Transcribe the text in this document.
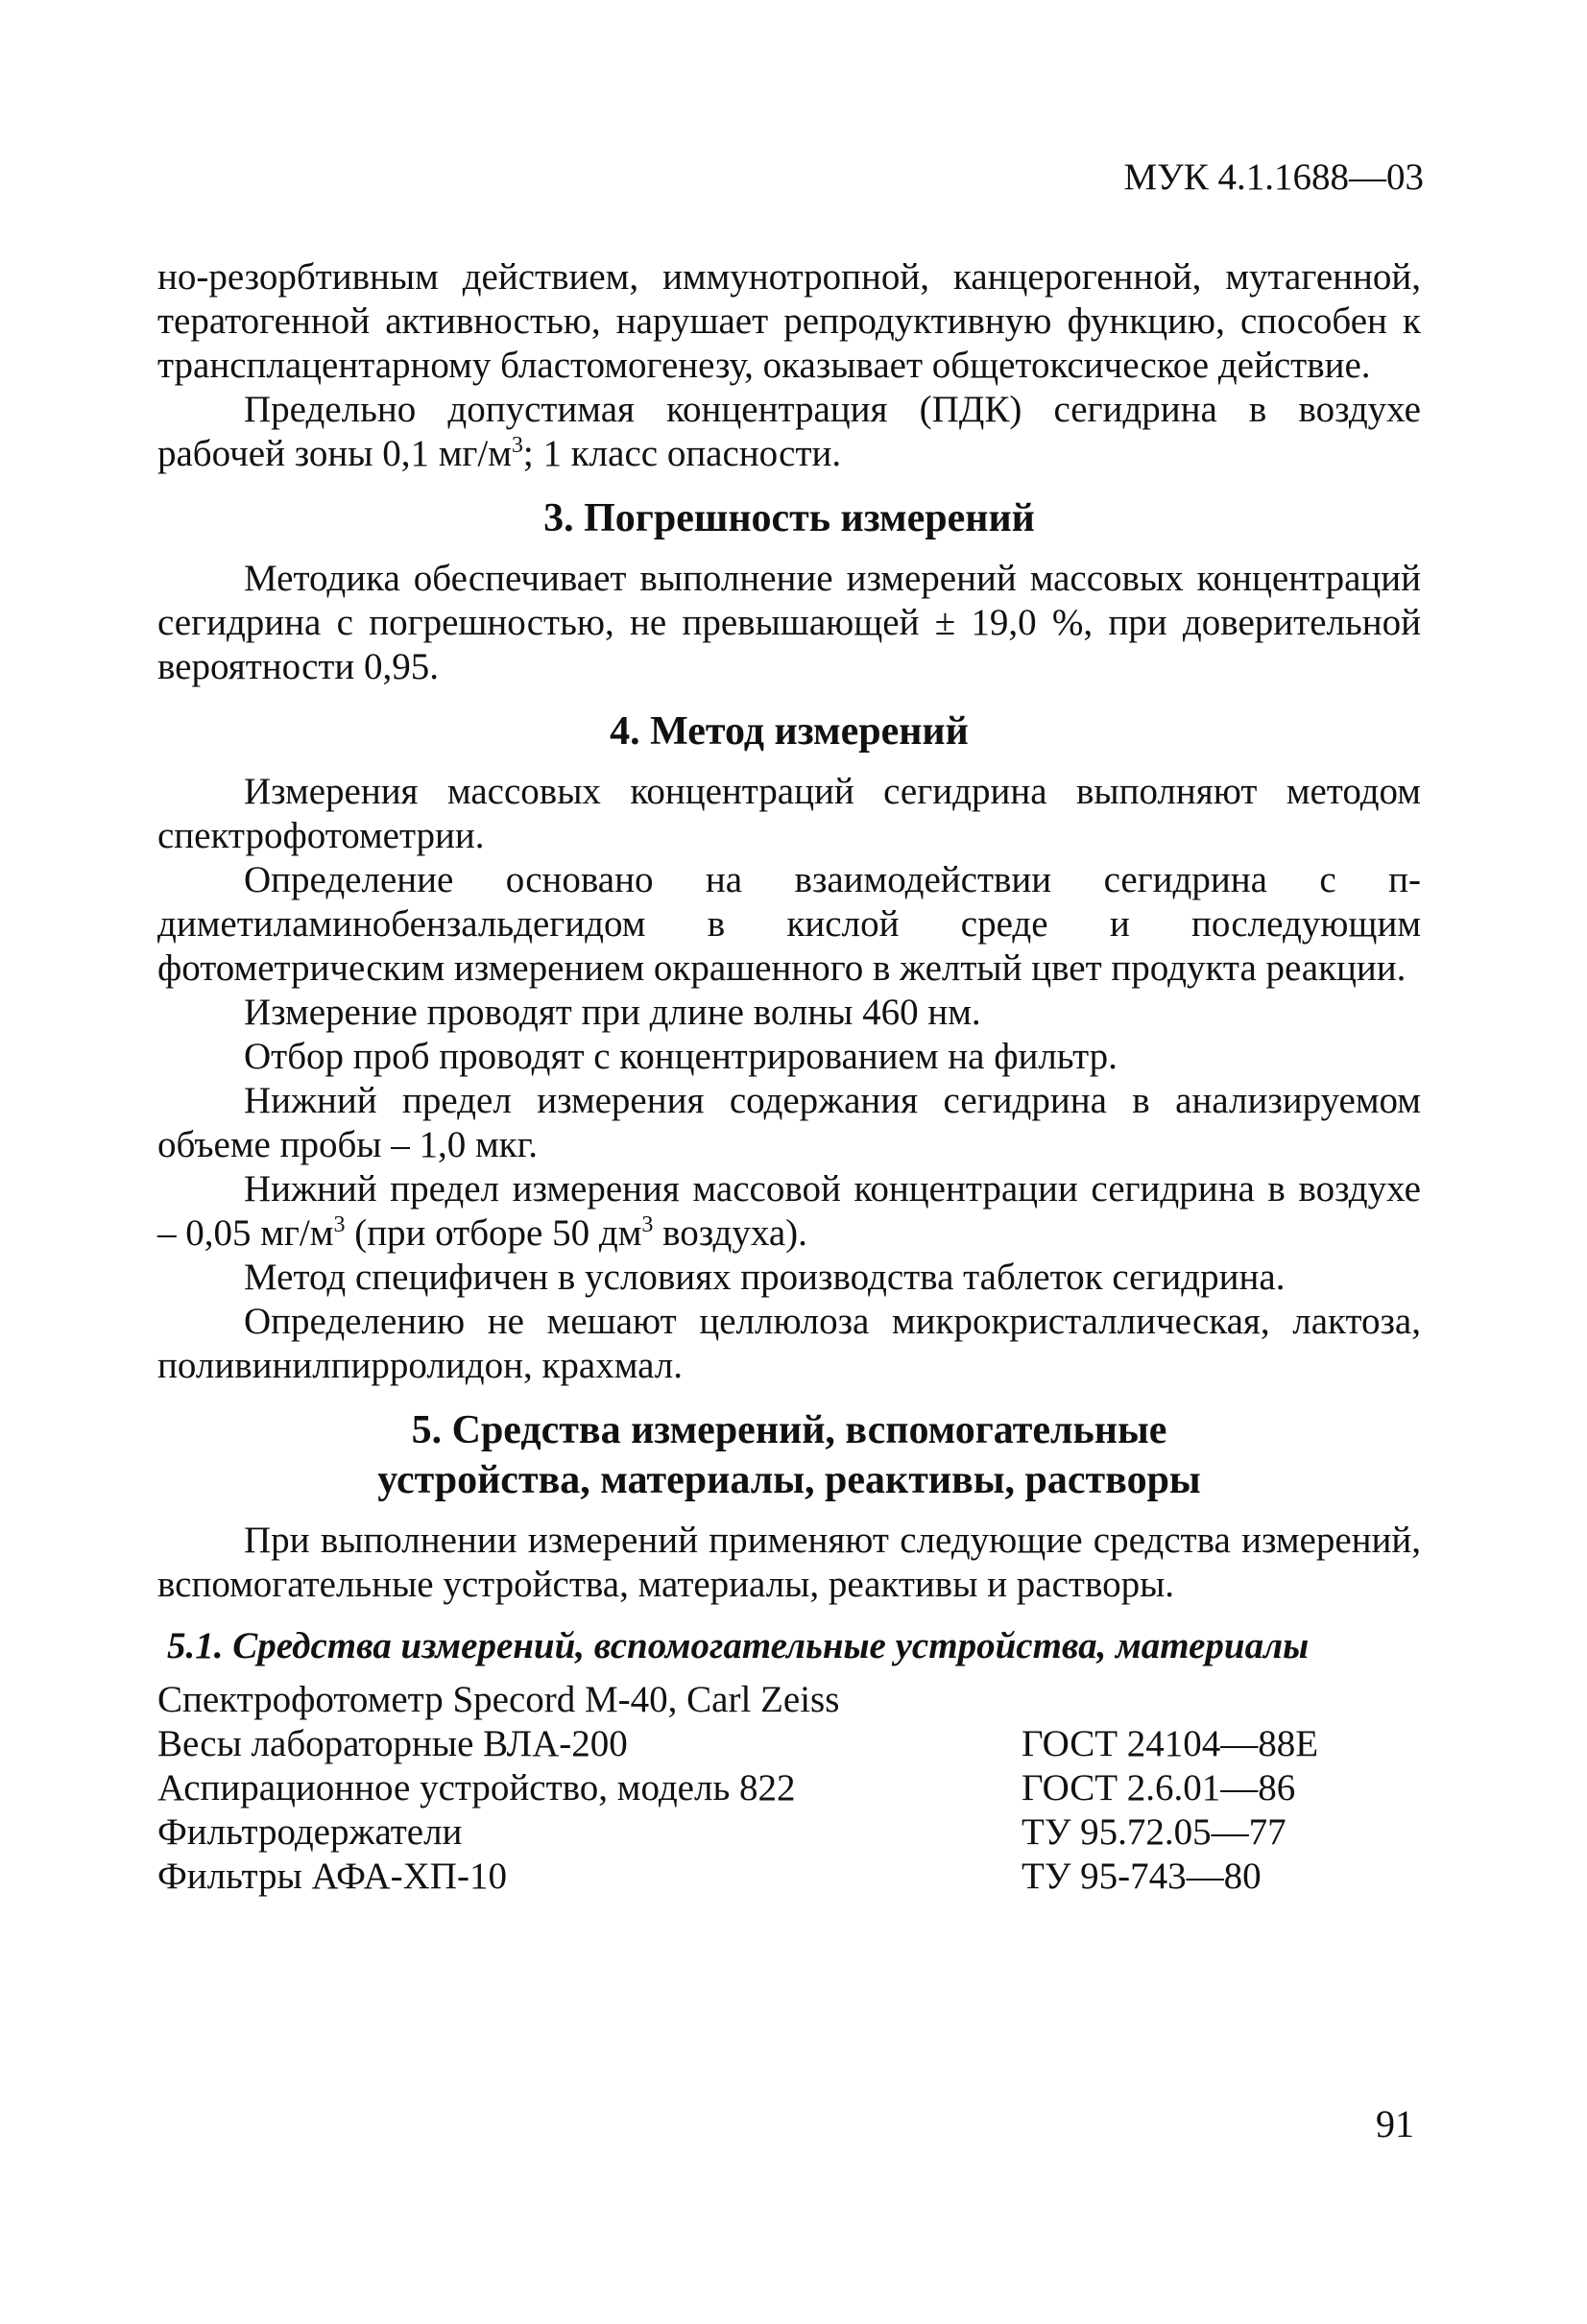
МУК 4.1.1688—03

но-резорбтивным действием, иммунотропной, канцерогенной, мутагенной, тератогенной активностью, нарушает репродуктивную функцию, способен к трансплацентарному бластомогенезу, оказывает общетоксическое действие.

Предельно допустимая концентрация (ПДК) сегидрина в воздухе рабочей зоны 0,1 $мг/м^3$; 1 класс опасности.

3. Погрешность измерений

Методика обеспечивает выполнение измерений массовых концентраций сегидрина с погрешностью, не превышающей ± 19,0 %, при доверительной вероятности 0,95.

4. Метод измерений

Измерения массовых концентраций сегидрина выполняют методом спектрофотометрии.

Определение основано на взаимодействии сегидрина с п-диметиламинобензальдегидом в кислой среде и последующим фотометрическим измерением окрашенного в желтый цвет продукта реакции.

Измерение проводят при длине волны 460 нм.

Отбор проб проводят с концентрированием на фильтр.

Нижний предел измерения содержания сегидрина в анализируемом объеме пробы – 1,0 мкг.

Нижний предел измерения массовой концентрации сегидрина в воздухе – 0,05 $мг/м^3$ (при отборе 50 $дм^3$ воздуха).

Метод специфичен в условиях производства таблеток сегидрина.

Определению не мешают целлюлоза микрокристаллическая, лактоза, поливинилпирролидон, крахмал.

5. Средства измерений, вспомогательные
устройства, материалы, реактивы, растворы

При выполнении измерений применяют следующие средства измерений, вспомогательные устройства, материалы, реактивы и растворы.

5.1. Средства измерений, вспомогательные устройства, материалы
Спектрофотометр Specord M-40, Carl Zeiss
Весы лабораторные ВЛА-200	ГОСТ 24104—88Е
Аспирационное устройство, модель 822	ГОСТ 2.6.01—86
Фильтродержатели	ТУ 95.72.05—77
Фильтры АФА-ХП-10	ТУ 95-743—80
91
